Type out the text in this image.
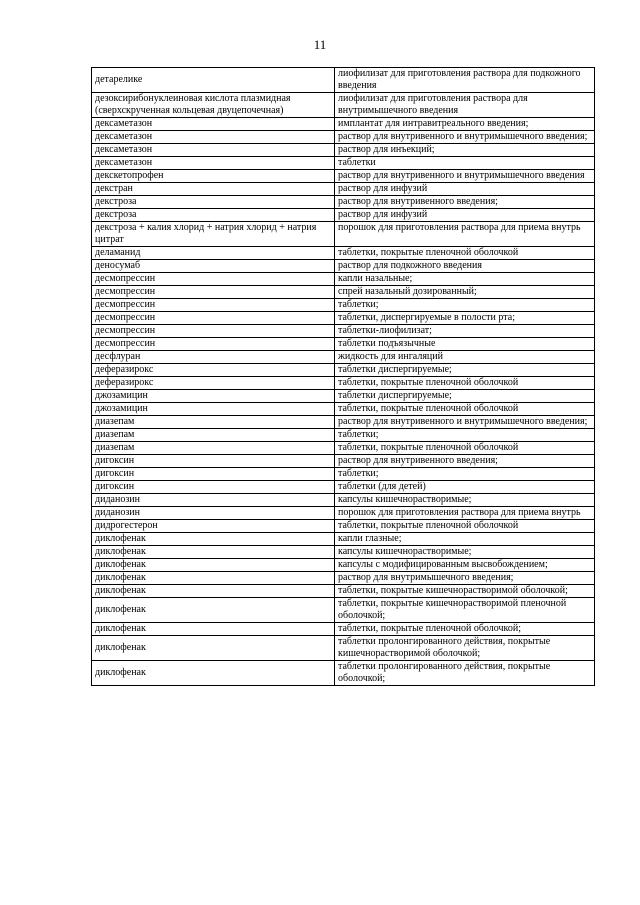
11
детарелике	лиофилизат для приготовления раствора для подкожного введения
дезоксирибонуклеиновая кислота плазмидная (сверхскрученная кольцевая двуцепочечная)	лиофилизат для приготовления раствора для внутримышечного введения
дексаметазон	имплантат для интравитреального введения;
дексаметазон	раствор для внутривенного и внутримышечного введения;
дексаметазон	раствор для инъекций;
дексаметазон	таблетки
декскетопрофен	раствор для внутривенного и внутримышечного введения
декстран	раствор для инфузий
декстроза	раствор для внутривенного введения;
декстроза	раствор для инфузий
декстроза + калия хлорид + натрия хлорид + натрия цитрат	порошок для приготовления раствора для приема внутрь
деламанид	таблетки, покрытые пленочной оболочкой
деносумаб	раствор для подкожного введения
десмопрессин	капли назальные;
десмопрессин	спрей назальный дозированный;
десмопрессин	таблетки;
десмопрессин	таблетки, диспергируемые в полости рта;
десмопрессин	таблетки-лиофилизат;
десмопрессин	таблетки подъязычные
десфлуран	жидкость для ингаляций
деферазирокс	таблетки диспергируемые;
деферазирокс	таблетки, покрытые пленочной оболочкой
джозамицин	таблетки диспергируемые;
джозамицин	таблетки, покрытые пленочной оболочкой
диазепам	раствор для внутривенного и внутримышечного введения;
диазепам	таблетки;
диазепам	таблетки, покрытые пленочной оболочкой
дигоксин	раствор для внутривенного введения;
дигоксин	таблетки;
дигоксин	таблетки (для детей)
диданозин	капсулы кишечнорастворимые;
диданозин	порошок для приготовления раствора для приема внутрь
дидрогестерон	таблетки, покрытые пленочной оболочкой
диклофенак	капли глазные;
диклофенак	капсулы кишечнорастворимые;
диклофенак	капсулы с модифицированным высвобождением;
диклофенак	раствор для внутримышечного введения;
диклофенак	таблетки, покрытые кишечнорастворимой оболочкой;
диклофенак	таблетки, покрытые кишечнорастворимой пленочной оболочкой;
диклофенак	таблетки, покрытые пленочной оболочкой;
диклофенак	таблетки пролонгированного действия, покрытые кишечнорастворимой оболочкой;
диклофенак	таблетки пролонгированного действия, покрытые оболочкой;
